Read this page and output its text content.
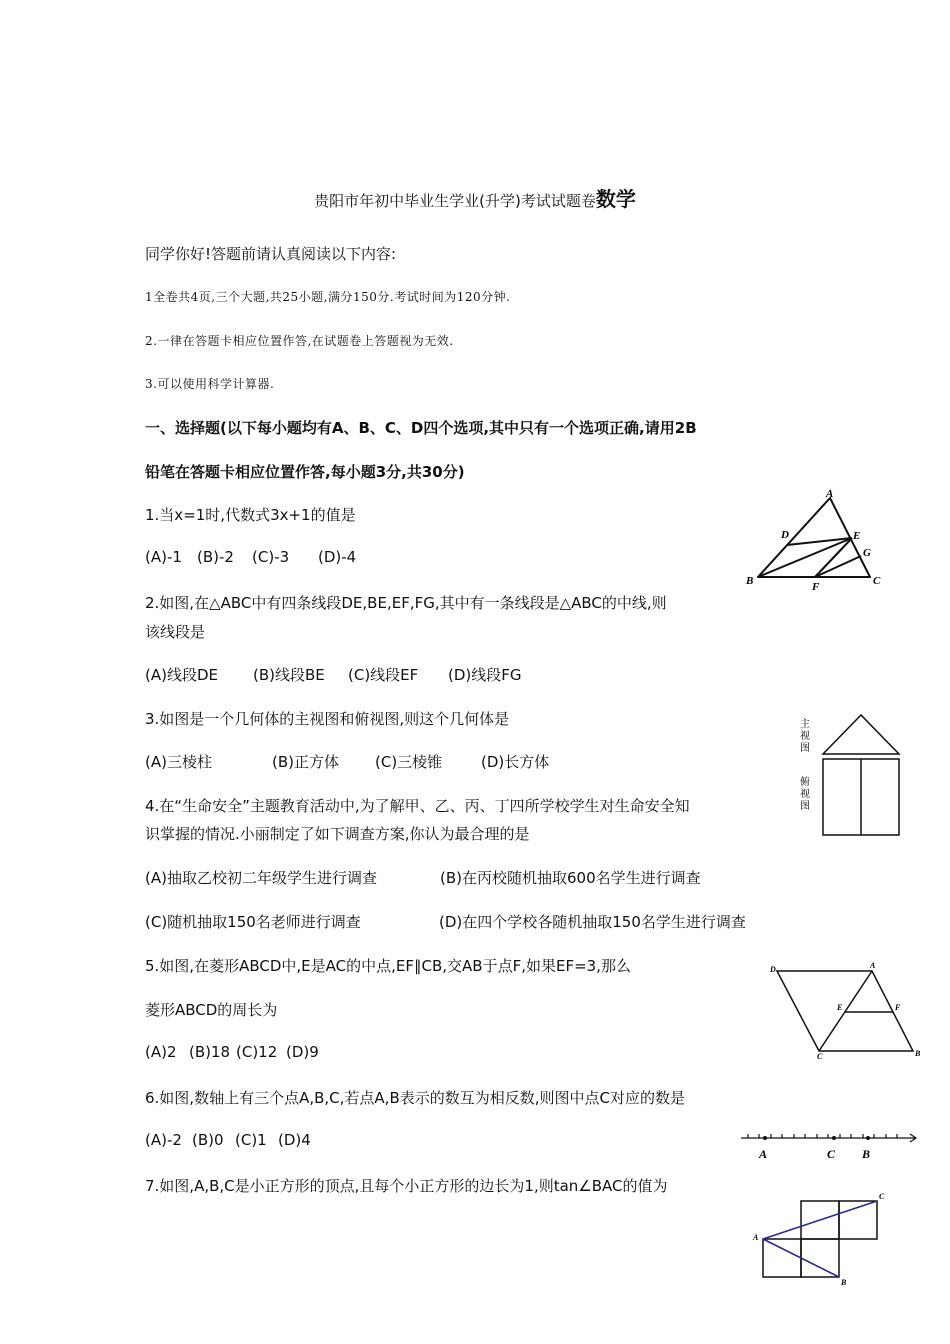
贵阳市年初中毕业生学业(升学)考试试题卷数学
同学你好!答题前请认真阅读以下内容:
1全卷共4页,三个大题,共25小题,满分150分.考试时间为120分钟.
2.一律在答题卡相应位置作答,在试题卷上答题视为无效.
3.可以使用科学计算器.
一、选择题(以下每小题均有A、B、C、D四个选项,其中只有一个选项正确,请用2B
铅笔在答题卡相应位置作答,每小题3分,共30分)
1.当x=1时,代数式3x+1的值是
(A)-1 (B)-2 (C)-3 (D)-4
2.如图,在△ABC中有四条线段DE,BE,EF,FG,其中有一条线段是△ABC的中线,则
该线段是
(A)线段DE (B)线段BE (C)线段EF (D)线段FG
3.如图是一个几何体的主视图和俯视图,则这个几何体是
(A)三棱柱	(B)正方体 (C)三棱锥	(D)长方体
4.在“生命安全”主题教育活动中,为了解甲、乙、丙、丁四所学校学生对生命安全知
识掌握的情况.小丽制定了如下调查方案,你认为最合理的是
(A)抽取乙校初二年级学生进行调查	(B)在丙校随机抽取600名学生进行调查
(C)随机抽取150名老师进行调查	(D)在四个学校各随机抽取150名学生进行调查
5.如图,在菱形ABCD中,E是AC的中点,EF∥CB,交AB于点F,如果EF=3,那么
菱形ABCD的周长为
(A)2 (B)18 (C)12 (D)9
6.如图,数轴上有三个点A,B,C,若点A,B表示的数互为相反数,则图中点C对应的数是
(A)-2 (B)0 (C)1 (D)4
7.如图,A,B,C是小正方形的顶点,且每个小正方形的边长为1,则tan∠BAC的值为
A
B	C
D	E
F
G
主
视
图
俯
视
图
A
B
C
D
E	F
A	C B
A
B
C
